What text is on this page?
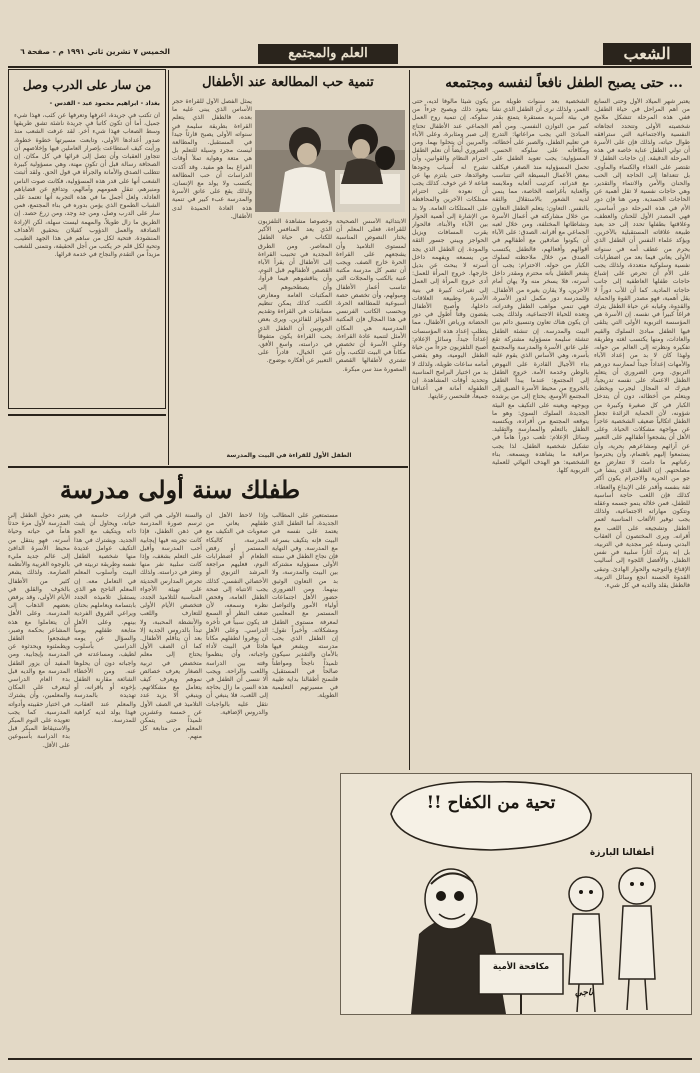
الشعب
العلم والمجتمع
الخميس ٧ تشرين ثاني ١٩٩١ م - صفحة ٦
... حتى يصبح الطفل نافعاً لنفسه ومجتمعه

يعتبر شهر الميلاد الأول وحتى السابع من أهم المراحل في حياة الطفل، ففي هذه المرحلة تتشكل ملامح شخصيته الأولى وتتحدد اتجاهاته النفسية والاجتماعية التي سترافقه طوال حياته، ولذلك فإن على الأسرة أن تولي الطفل عناية خاصة في هذه المرحلة الدقيقة. إن حاجات الطفل لا تقتصر على الغذاء والكساء والمأوى، بل تتعداها إلى الحاجة إلى الحب والحنان والأمن والانتماء والتقدير، وهي حاجات نفسية لا تقل أهمية عن الحاجات الجسدية. ومن هنا فإن دور الأم في هذه المرحلة دور أساسي، فهي المصدر الأول للحنان والعطف، وعلاقتها بطفلها تحدد إلى حد بعيد طبيعة علاقاته المستقبلية بالآخرين. ويؤكد علماء النفس أن الطفل الذي يحرم من عطف أمه في سنواته الأولى يعاني فيما بعد من اضطرابات نفسية وسلوكية متعددة، ولذلك يجب على الأم أن تحرص على إشباع حاجات طفلها العاطفية إلى جانب حاجاته المادية. كما أن للأب دوراً لا يقل أهمية، فهو مصدر القوة والحماية والقدوة، وغيابه عن حياة الطفل يترك فراغاً كبيراً في نفسه. إن الأسرة هي المؤسسة التربوية الأولى التي يتلقى فيها الطفل مبادئ السلوك والقيم والعادات، ومنها يكتسب لغته وطريقة تفكيره ونظرته إلى العالم من حوله، ولهذا كان لا بد من إعداد الآباء والأمهات إعداداً جيداً لممارسة دورهم التربوي. ومن الضروري أن يتعلم الطفل الاعتماد على نفسه تدريجياً، فيترك له المجال ليجرب ويخطئ ويتعلم من أخطائه، دون أن يتدخل الكبار في كل صغيرة وكبيرة من شؤونه، لأن الحماية الزائدة تجعل الطفل اتكالياً ضعيف الشخصية عاجزاً عن مواجهة مشكلات الحياة. وعلى الأهل أن يشجعوا أطفالهم على التعبير عن آرائهم ومشاعرهم بحرية، وأن يستمعوا إليهم باهتمام، وأن يحترموا رغباتهم ما دامت لا تتعارض مع مصلحتهم. إن الطفل الذي ينشأ في جو من الحرية والاحترام يكون أكثر ثقة بنفسه وأقدر على الإبداع والعطاء. كذلك فإن اللعب حاجة أساسية للطفل، فمن خلاله ينمو جسمه وعقله وتتكون مهاراته الاجتماعية، ولذلك يجب توفير الألعاب المناسبة لعمر الطفل وتشجيعه على اللعب مع أقرانه. ويرى المختصون أن العقاب البدني وسيلة غير مجدية في التربية، بل إنه يترك آثاراً سلبية في نفس الطفل، والأفضل اللجوء إلى أساليب الإقناع والتوجيه والحوار الهادئ. وتبقى القدوة الحسنة أنجع وسائل التربية، فالطفل يقلد والديه في كل شيء.

الشخصية بعد سنوات طويلة من العمر، ولذلك نرى أن الطفل الذي نشأ في بيئة أسرية مستقرة يتمتع بقدر كبير من التوازن النفسي. ومن أهم المبادئ التي يجب مراعاتها: التدرج في تعليم الطفل، والصبر على أخطائه، ومكافأته على سلوكه الحسن. المسؤولية: يجب تعويد الطفل على تحمل المسؤولية منذ الصغر، فيكلف ببعض الأعمال البسيطة التي تتناسب مع قدراته، كترتيب ألعابه وملابسه والعناية بأغراضه الخاصة، مما ينمي لديه الشعور بالاستقلال والثقة بالنفس. التعاون: يتعلم الطفل التعاون من خلال مشاركته في أعمال الأسرة ونشاطاتها المختلفة، ومن خلال لعبه الجماعي مع أقرانه. الصدق: على الآباء أن يكونوا صادقين مع أطفالهم في أقوالهم وأفعالهم، فالطفل يكتسب الصدق من خلال ملاحظته لسلوك الكبار من حوله. الاحترام: يجب أن يشعر الطفل بأنه محترم ومقدر داخل أسرته، فلا يسخر منه ولا يهان أمام الآخرين، ولا يقارن بغيره من الأطفال. وللمدرسة دور مكمل لدور الأسرة، فهي تنمي مواهب الطفل وقدراته، وتعده للحياة الاجتماعية، ولذلك يجب أن يكون هناك تعاون وتنسيق دائم بين البيت والمدرسة. إن تنشئة الطفل تنشئة سليمة مسؤولية مشتركة تقع على عاتق الأسرة والمدرسة والمجتمع بأسره، وهي الأساس الذي يقوم عليه بناء الأجيال القادرة على النهوض بالوطن وخدمة الأمة. خروج الطفل إلى المجتمع: عندما يبدأ الطفل بالخروج من محيط الأسرة الضيق إلى المجتمع الأوسع، يحتاج إلى من يرشده ويوجهه ويعينه على التكيف مع البيئة الجديدة. السلوك السوي: وهو ما يتوقعه المجتمع من أفراده، ويكتسبه الطفل بالتعلم والممارسة والتقليد. وسائل الإعلام: تلعب دوراً هاماً في تشكيل شخصية الطفل، لذا يجب مراقبة ما يشاهده ويسمعه. بناء الشخصية: هو الهدف النهائي للعملية التربوية كلها.

يكون شيئاً مألوفاً لديه، حتى يتعود ذلك ويصبح جزءاً من سلوكه. إن تنمية روح العمل الجماعي عند الأطفال تحتاج إلى صبر ومثابرة، وعلى الآباء والمربين أن يتحلوا بهما. ومن الضروري أيضاً أن نعلم الطفل احترام النظام والقوانين، وأن نشرح له أسباب وجودها وفوائدها، حتى يلتزم بها عن قناعة لا عن خوف. كذلك يجب أن نعوده على احترام ممتلكات الآخرين والمحافظة على الممتلكات العامة. ولا بد من الإشارة إلى أهمية الحوار بين الآباء والأبناء، فالحوار يقرب المسافات ويزيل الحواجز ويبني جسور الثقة والمودة. إن الطفل الذي يجد من يسمعه ويفهمه داخل أسرته لا يبحث عن بديل خارجها. خروج المرأة للعمل: أدى خروج المرأة إلى العمل إلى تغيرات كبيرة في بنية الأسرة وطبيعة العلاقات داخلها، وأصبح الأطفال يقضون وقتاً أطول في دور الحضانة ورياض الأطفال، مما يتطلب إعداد هذه المؤسسات إعداداً جيداً. وسائل الإعلام: أصبح التلفزيون جزءاً من حياة الطفل اليومية، وهو يقضي أمامه ساعات طويلة، ولذلك لا بد من اختيار البرامج المناسبة وتحديد أوقات المشاهدة. إن الطفولة أمانة في أعناقنا جميعاً، فلنحسن رعايتها.

تنمية حب المطالعة عند الأطفال

الابتدائية الأسس الصحيحة للقراءة، فعلى المعلم أن يختار النصوص المناسبة لمستوى التلاميذ وأن يشجعهم على القراءة الحرة خارج الصف. ويجب أن تضم كل مدرسة مكتبة غنية بالكتب والمجلات التي تناسب أعمار الأطفال وميولهم، وأن تخصص حصة أسبوعية للمطالعة الحرة. وبحسب الكاتب الفرنسي في هذا المجال فإن المكتبة المدرسية هي المكان الأمثل لتنمية عادة القراءة. وعلى الأسرة أن تخصص مكاناً في البيت للكتب، وأن تشتري لأطفالها القصص المصورة منذ سن مبكرة.

وخصوصاً مشاهدة التلفزيون الذي يعد المنافس الأكبر للكتاب في حياة الطفل المعاصر. ومن الطرق المجدية في تحبيب القراءة إلى الأطفال أن يقرأ الآباء القصص لأطفالهم قبل النوم، وأن يناقشوهم فيما قرأوا، وأن يصطحبوهم إلى المكتبات العامة ومعارض الكتب. كذلك يمكن تنظيم مسابقات في القراءة وتقديم الجوائز للفائزين. ويرى بعض التربويين أن الطفل الذي يحب القراءة يكون متفوقاً في دراسته، واسع الأفق، غني الخيال، قادراً على التعبير عن أفكاره بوضوح.

يمثل الفصل الأول للقراءة حجر الأساس الذي يبنى عليه ما بعده، فالطفل الذي يتعلم القراءة بطريقة سليمة في سنواته الأولى يصبح قارئاً جيداً في المستقبل. والمطالعة ليست مجرد وسيلة للتعلم بل هي متعة وهواية تملأ أوقات الفراغ بما هو مفيد. وقد أكدت الدراسات أن حب المطالعة يكتسب ولا يولد مع الإنسان، ولذلك يقع على عاتق الأسرة والمدرسة عبء كبير في تنمية هذه العادة الحميدة لدى الأطفال.

الطفل الأول للقراءة في البيت والمدرسة
من سار على الدرب وصل
بغداد - ابراهيم محمود عبد - القدس -

أن تكتب في جريدة، أعرفها وتعرفها عن كثب، فهذا شيء جميل، أما أن تكون كاتباً في جريدة ناشئة تشق طريقها وسط الصعاب فهذا شيء آخر. لقد عرفت الشعب منذ صدور أعدادها الأولى، وتابعت مسيرتها خطوة خطوة، ورأيت كيف استطاعت بإصرار العاملين فيها وإخلاصهم أن تتجاوز العقبات وأن تصل إلى قرائها في كل مكان. إن الصحافة رسالة قبل أن تكون مهنة، وهي مسؤولية كبيرة تتطلب الصدق والأمانة والجرأة في قول الحق. ولقد أثبتت الشعب أنها على قدر هذه المسؤولية، فكانت صوت الناس ومنبرهم، تنقل همومهم وآمالهم، وتدافع عن قضاياهم العادلة. ولعل أجمل ما في هذه التجربة أنها تعتمد على الشباب الطموح الذي يؤمن بدوره في بناء المجتمع، فمن سار على الدرب وصل، ومن جد وجد، ومن زرع حصد. إن الطريق ما زال طويلاً، والمهمة ليست سهلة، لكن الإرادة الصادقة والعمل الدؤوب كفيلان بتحقيق الأهداف المنشودة. فتحية لكل من ساهم في هذا الجهد الطيب، وتحية لكل قلم حر يكتب من أجل الحقيقة، ونتمنى للشعب مزيداً من التقدم والنجاح في خدمة قرائها.

تحية من الكفاح !!
مكافحة الأمية
أطفالنا البارزة
ناجي
طفلك سنة أولى مدرسة

يعتبر دخول الطفل إلى المدرسة لأول مرة حدثاً هاماً في حياته وحياة أسرته، فهو ينتقل من محيط الأسرة الدافئ إلى عالم جديد مليء بالوجوه الغريبة والأنظمة الصارمة. ولذلك يشعر كثير من الأطفال بالخوف والقلق في الأيام الأولى، وقد يرفض بعضهم الذهاب إلى المدرسة. وعلى الأهل أن يتعاملوا مع هذه المشاعر بحكمة وصبر، فيشجعوا الطفل ويطمئنوه ويحدثوه عن المدرسة بإيجابية. ومن المفيد أن يزور الطفل المدرسة مع والديه قبل بدء العام الدراسي ليتعرف على المكان والمعلمين، وأن يشترك في اختيار حقيبته وأدواته المدرسية. كما يجب تعويده على النوم المبكر والاستيقاظ المبكر قبل بدء الدراسة بأسبوعين على الأقل.

قرارات حاسمة في حياته، ويحاول أن يثبت ذاته ويتكيف مع الجو الجديد. ويشترك في هذا التكيف عوامل عديدة منها شخصية الطفل نفسه وطريقة تربيته في البيت وأسلوب المعلم في التعامل معه. إن المعلم الناجح هو الذي يستقبل تلاميذه الجدد بابتسامة ويعاملهم بحنان ويراعي الفروق الفردية بينهم. وعلى الأهل متابعة طفلهم يومياً والسؤال عن يومه الدراسي بأسلوب لطيف، ومساعدته في واجباته دون أن يحلوها عنه. ومن الأخطاء الشائعة مقارنة الطفل بإخوته أو بأقرانه، أو تهديده بالمدرسة والمعلم عند العقاب، فهذا يولد لديه كراهية للمدرسة.

والسنة الأولى هي التي ترسم صورة المدرسة في ذهن الطفل، فإذا كانت تجربته فيها إيجابية أحب المدرسة وأقبل على التعلم بشغف، وإذا كانت سلبية نفر منها وتعثر في دراسته. ولذلك تحرص المدارس الحديثة على تهيئة الأجواء المناسبة للتلاميذ الجدد، فتخصص الأيام الأولى للتعارف واللعب والأنشطة المحببة، ولا تبدأ بالدروس الجدية إلا بعد أن يتأقلم الأطفال. كما أن الصف الأول يحتاج إلى معلم متخصص في تربية الصغار يعرف خصائص نموهم ويعرف كيف يتعامل مع مشكلاتهم. وينبغي ألا يزيد عدد التلاميذ في الصف الأول عن خمسة وعشرين تلميذاً حتى يتمكن المعلم من متابعة كل منهم.

وإذا لاحظ الأهل أن طفلهم يعاني من صعوبات في التكيف مع المدرسة، كالبكاء المستمر أو رفض الطعام أو اضطرابات النوم، فعليهم مراجعة المرشد التربوي أو الأخصائي النفسي. كذلك يجب الانتباه إلى صحة الطفل العامة، وفحص نظره وسمعه، لأن ضعف النظر أو السمع قد يكون سبباً في تأخره الدراسي. وعلى الأهل أن يوفروا لطفلهم مكاناً هادئاً في البيت لأداء واجباته، وأن ينظموا وقته بين الدراسة واللعب والراحة. ويجب ألا ننسى أن الطفل في هذه السن ما زال بحاجة إلى اللعب، فلا ينبغي أن نثقل عليه بالواجبات والدروس الإضافية.

مستمتعين على المطالب الجديدة، أما الطفل الذي يعتمد على نفسه في البيت فإنه يتكيف بسرعة مع المدرسة. وفي النهاية فإن نجاح الطفل في سنته الأولى مسؤولية مشتركة بين البيت والمدرسة، ولا بد من التعاون الوثيق بينهما. ومن الضروري حضور الأهل اجتماعات أولياء الأمور والتواصل المستمر مع المعلمين لمعرفة مستوى الطفل ومشكلاته. وأخيراً نقول: إن الطفل الذي يحب مدرسته ويشعر فيها بالأمان والتقدير سيكون تلميذاً ناجحاً ومواطناً صالحاً في المستقبل، فلنمنح أطفالنا بداية طيبة في مسيرتهم التعليمية الطويلة.
